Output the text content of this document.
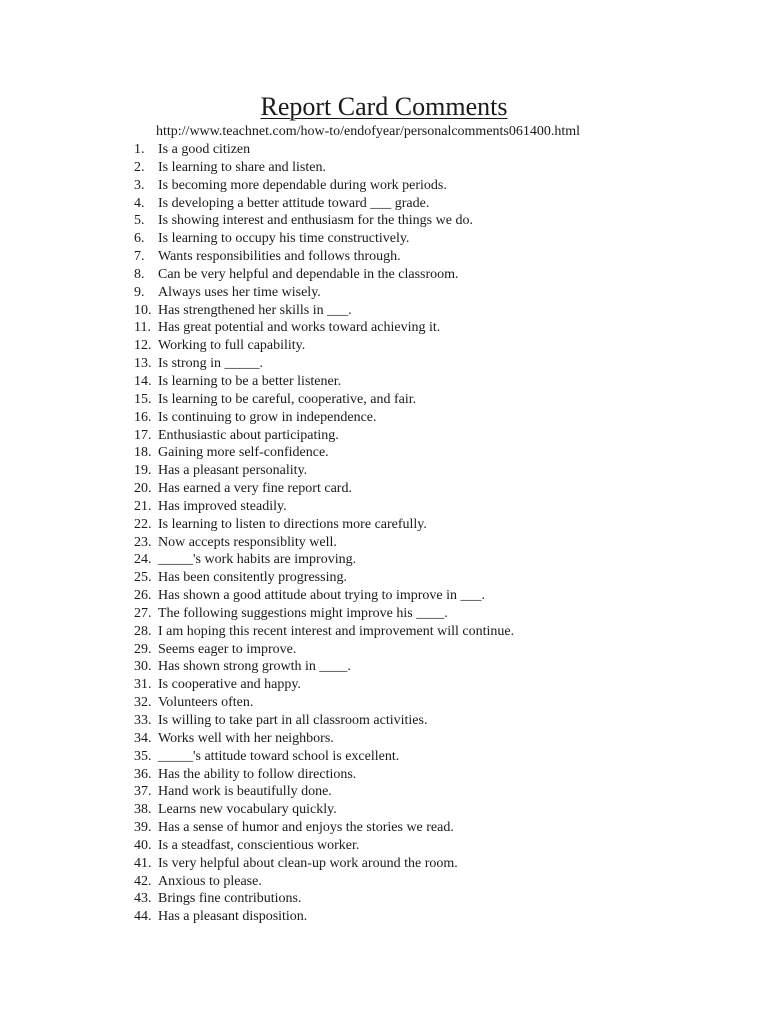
Report Card Comments
http://www.teachnet.com/how-to/endofyear/personalcomments061400.html
1. Is a good citizen
2. Is learning to share and listen.
3. Is becoming more dependable during work periods.
4. Is developing a better attitude toward ___ grade.
5. Is showing interest and enthusiasm for the things we do.
6. Is learning to occupy his time constructively.
7. Wants responsibilities and follows through.
8. Can be very helpful and dependable in the classroom.
9. Always uses her time wisely.
10. Has strengthened her skills in ___.
11. Has great potential and works toward achieving it.
12. Working to full capability.
13. Is strong in _____.
14. Is learning to be a better listener.
15. Is learning to be careful, cooperative, and fair.
16. Is continuing to grow in independence.
17. Enthusiastic about participating.
18. Gaining more self-confidence.
19. Has a pleasant personality.
20. Has earned a very fine report card.
21. Has improved steadily.
22. Is learning to listen to directions more carefully.
23. Now accepts responsiblity well.
24. _____'s work habits are improving.
25. Has been consitently progressing.
26. Has shown a good attitude about trying to improve in ___.
27. The following suggestions might improve his ____.
28. I am hoping this recent interest and improvement will continue.
29. Seems eager to improve.
30. Has shown strong growth in ____.
31. Is cooperative and happy.
32. Volunteers often.
33. Is willing to take part in all classroom activities.
34. Works well with her neighbors.
35. _____'s attitude toward school is excellent.
36. Has the ability to follow directions.
37. Hand work is beautifully done.
38. Learns new vocabulary quickly.
39. Has a sense of humor and enjoys the stories we read.
40. Is a steadfast, conscientious worker.
41. Is very helpful about clean-up work around the room.
42. Anxious to please.
43. Brings fine contributions.
44. Has a pleasant disposition.
